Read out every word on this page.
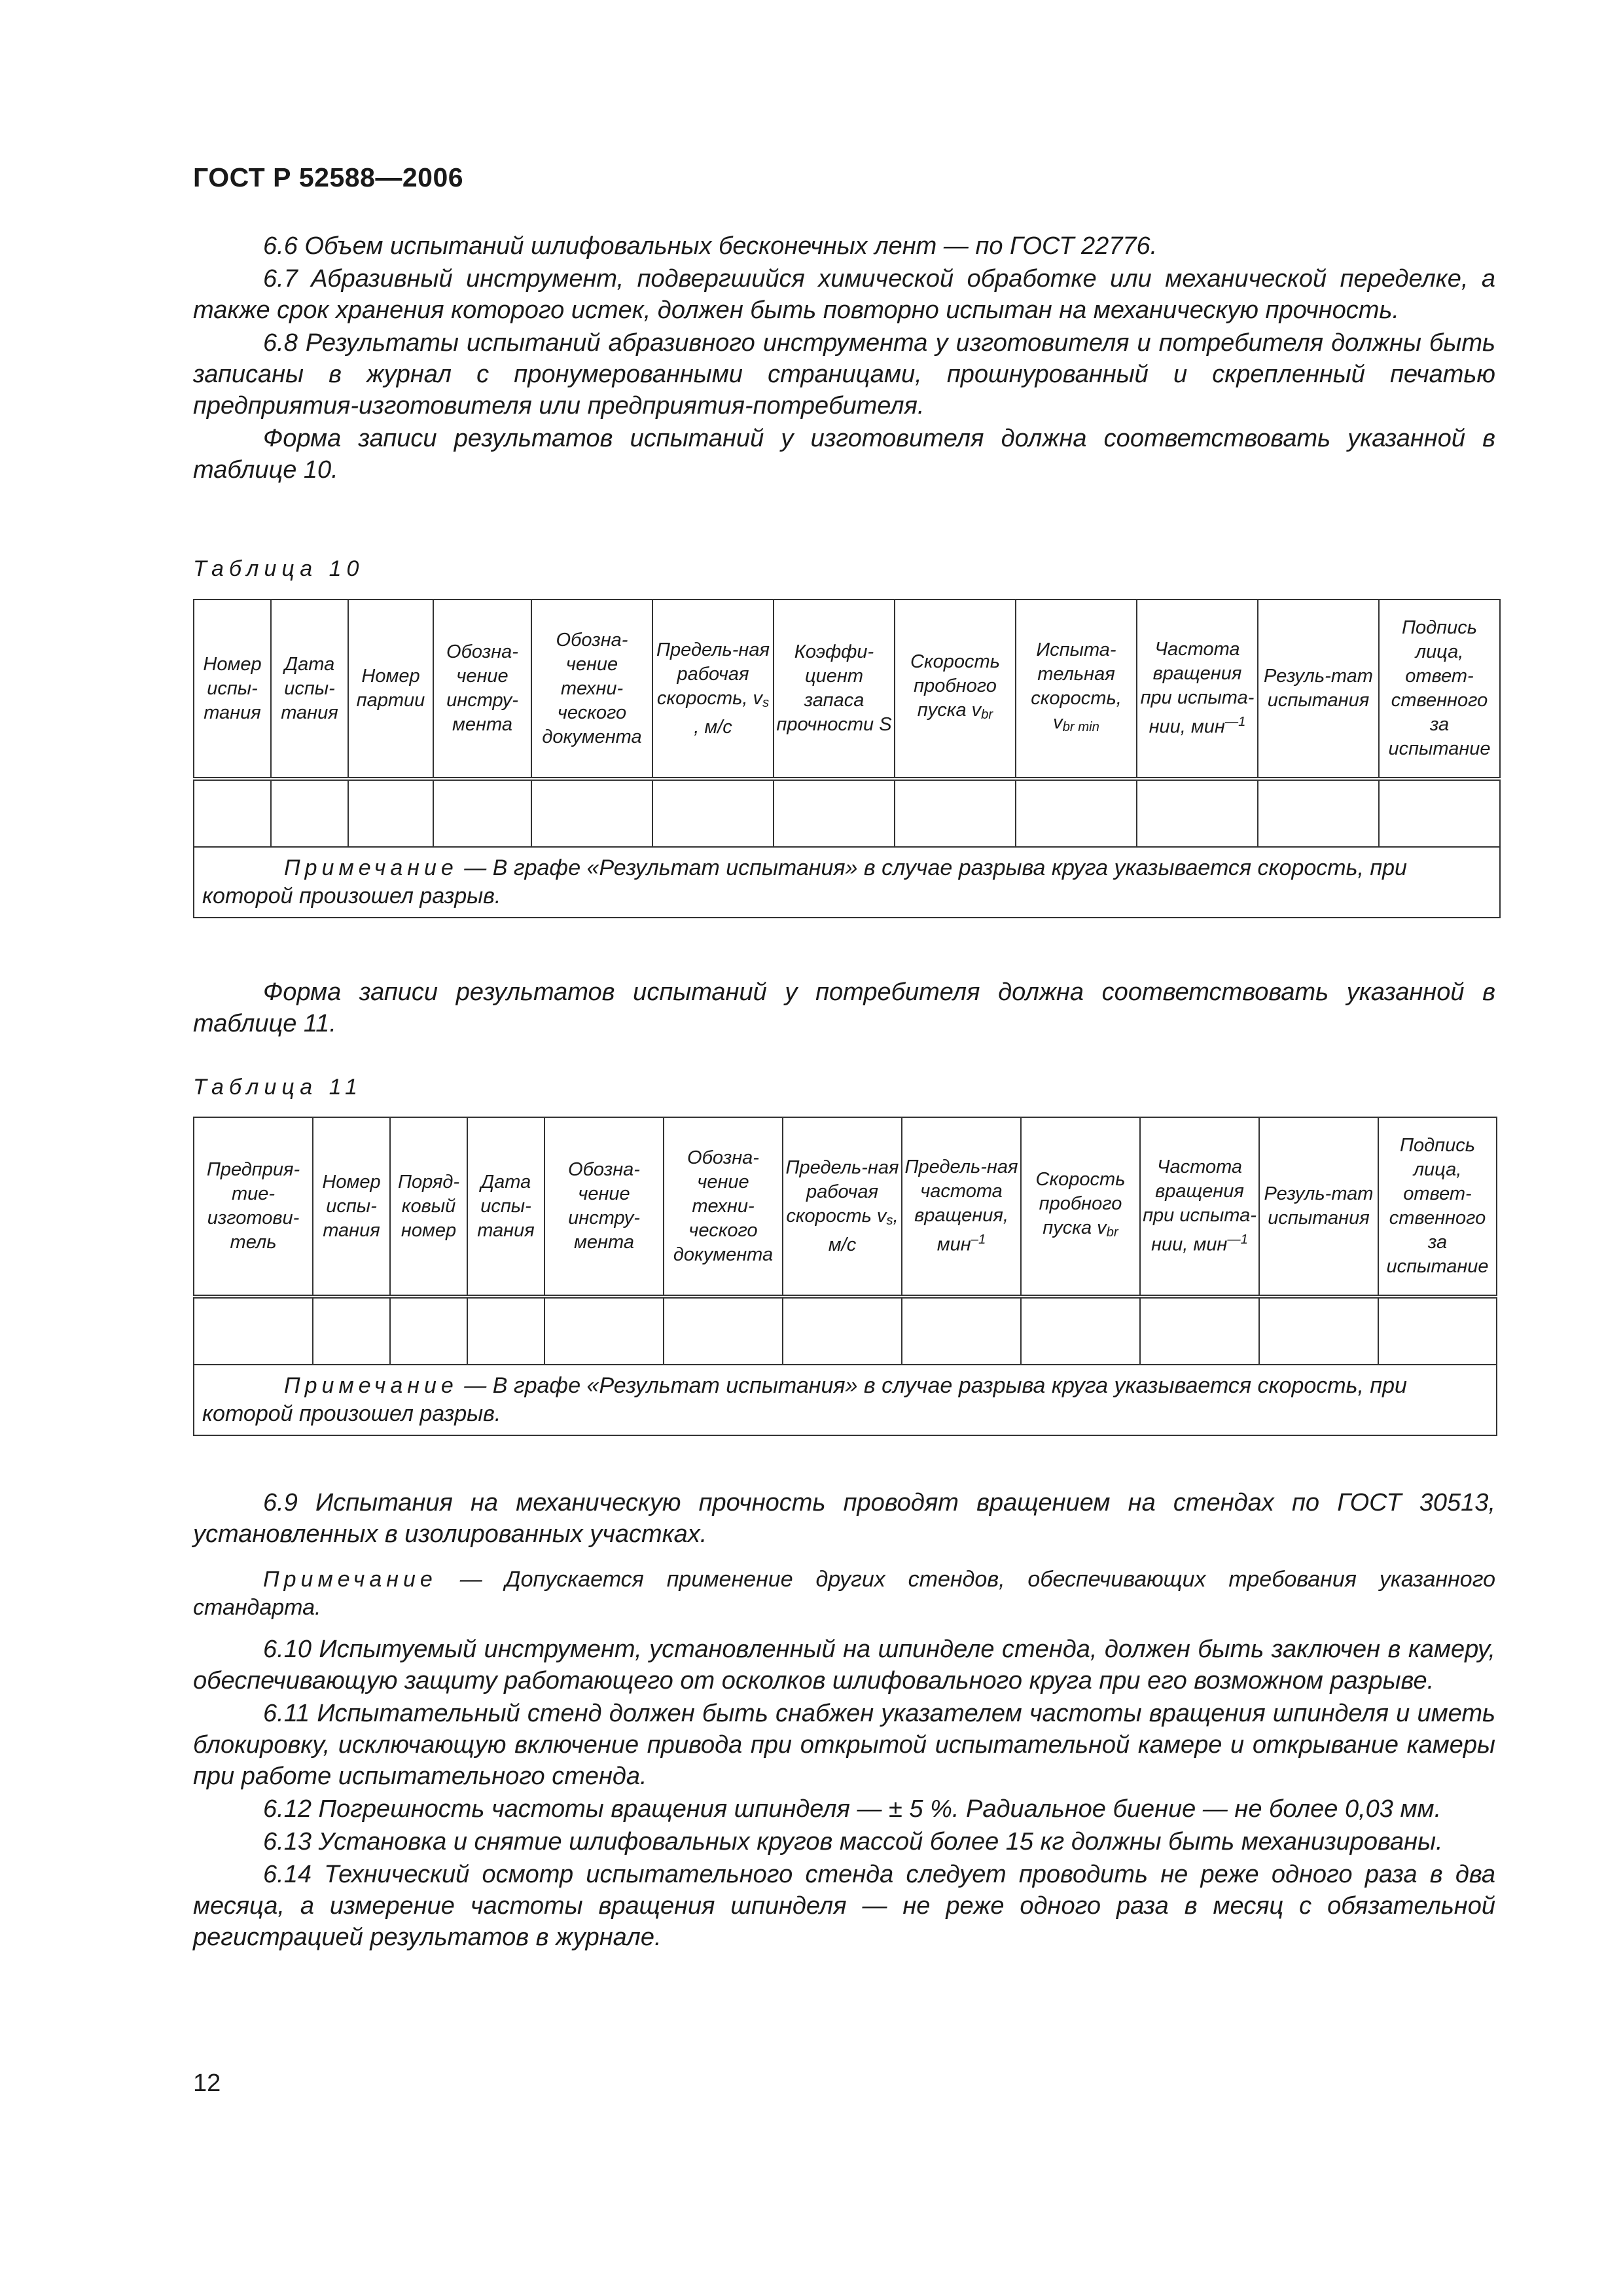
ГОСТ Р 52588—2006

6.6 Объем испытаний шлифовальных бесконечных лент — по ГОСТ 22776.

6.7 Абразивный инструмент, подвергшийся химической обработке или механической переделке, а также срок хранения которого истек, должен быть повторно испытан на механическую прочность.

6.8 Результаты испытаний абразивного инструмента у изготовителя и потребителя должны быть записаны в журнал с пронумерованными страницами, прошнурованный и скрепленный печатью предприятия-изготовителя или предприятия-потребителя.

Форма записи результатов испытаний у изготовителя должна соответствовать указанной в таблице 10.

Таблица 10
Номер испы-тания	Дата испы-тания	Номер партии	Обозна-чение инстру-мента	Обозна-чение техни-ческого документа	Предель-ная рабочая скорость, $v_s$ , м/с	Коэффи-циент запаса прочности S	Скорость пробного пуска $v_{br}$	Испыта-тельная скорость, $v_{br min}$	Частота вращения при испыта-нии, мин$^{—1}$	Резуль-тат испытания	Подпись лица, ответ-ственного за испытание

Примечание — В графе «Результат испытания» в случае разрыва круга указывается скорость, при которой произошел разрыв.											

Форма записи результатов испытаний у потребителя должна соответствовать указанной в таблице 11.

Таблица 11
Предприя-тие-изготови-тель	Номер испы-тания	Поряд-ковый номер	Дата испы-тания	Обозна-чение инстру-мента	Обозна-чение техни-ческого документа	Предель-ная рабочая скорость $v_s$, м/с	Предель-ная частота вращения, мин$^{-1}$	Скорость пробного пуска $v_{br}$	Частота вращения при испыта-нии, мин$^{—1}$	Резуль-тат испытания	Подпись лица, ответ-ственного за испытание

Примечание — В графе «Результат испытания» в случае разрыва круга указывается скорость, при которой произошел разрыв.											

6.9 Испытания на механическую прочность проводят вращением на стендах по ГОСТ 30513, установленных в изолированных участках.

Примечание — Допускается применение других стендов, обеспечивающих требования указанного стандарта.

6.10 Испытуемый инструмент, установленный на шпинделе стенда, должен быть заключен в камеру, обеспечивающую защиту работающего от осколков шлифовального круга при его возможном разрыве.

6.11 Испытательный стенд должен быть снабжен указателем частоты вращения шпинделя и иметь блокировку, исключающую включение привода при открытой испытательной камере и открывание камеры при работе испытательного стенда.

6.12 Погрешность частоты вращения шпинделя — ± 5 %. Радиальное биение — не более 0,03 мм.

6.13 Установка и снятие шлифовальных кругов массой более 15 кг должны быть механизированы.

6.14 Технический осмотр испытательного стенда следует проводить не реже одного раза в два месяца, а измерение частоты вращения шпинделя — не реже одного раза в месяц с обязательной регистрацией результатов в журнале.

12
